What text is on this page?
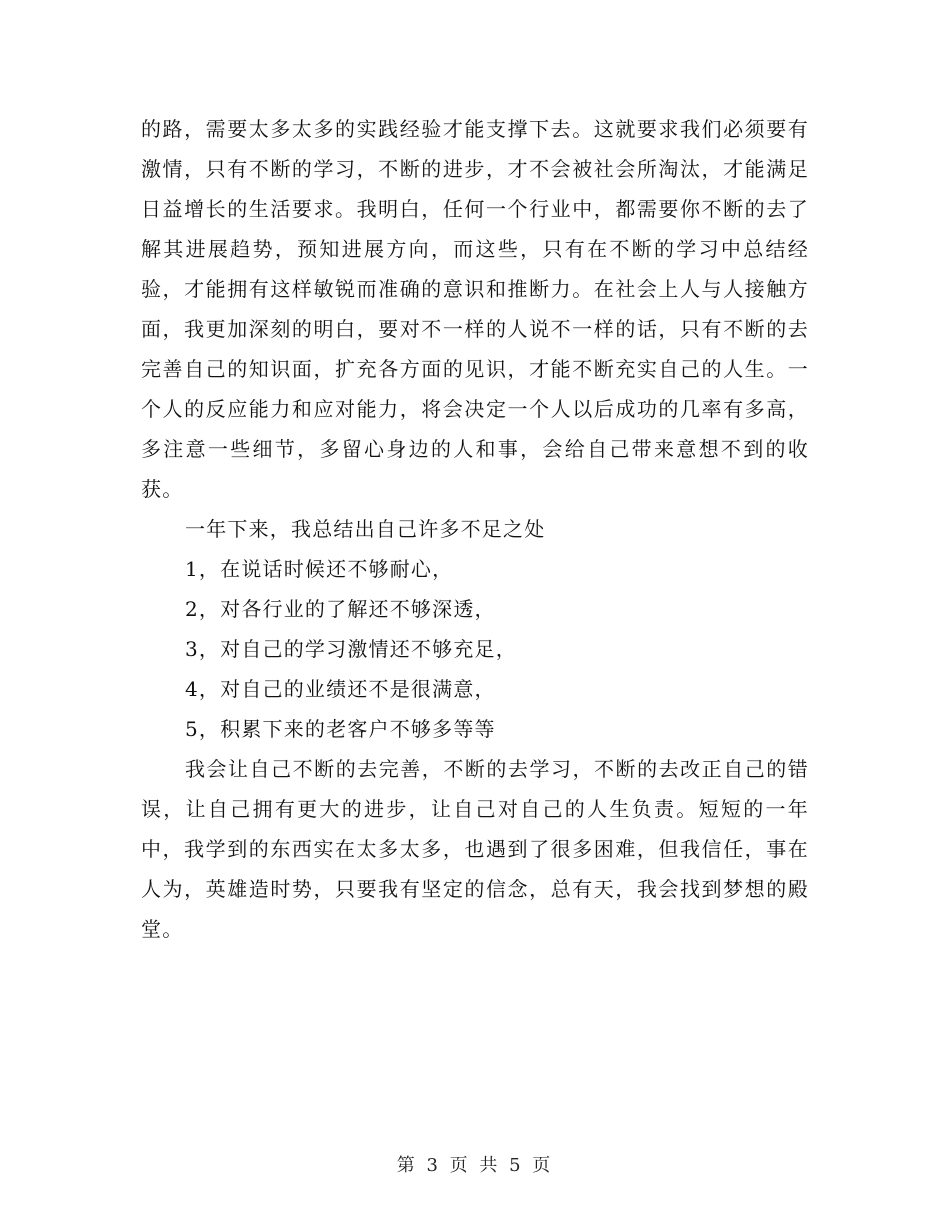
的路，需要太多太多的实践经验才能支撑下去。这就要求我们必须要有激情，只有不断的学习，不断的进步，才不会被社会所淘汰，才能满足日益增长的生活要求。我明白，任何一个行业中，都需要你不断的去了解其进展趋势，预知进展方向，而这些，只有在不断的学习中总结经验，才能拥有这样敏锐而准确的意识和推断力。在社会上人与人接触方面，我更加深刻的明白，要对不一样的人说不一样的话，只有不断的去完善自己的知识面，扩充各方面的见识，才能不断充实自己的人生。一个人的反应能力和应对能力，将会决定一个人以后成功的几率有多高，多注意一些细节，多留心身边的人和事，会给自己带来意想不到的收获。

一年下来，我总结出自己许多不足之处

1，在说话时候还不够耐心，

2，对各行业的了解还不够深透，

3，对自己的学习激情还不够充足，

4，对自己的业绩还不是很满意，

5，积累下来的老客户不够多等等

我会让自己不断的去完善，不断的去学习，不断的去改正自己的错误，让自己拥有更大的进步，让自己对自己的人生负责。短短的一年中，我学到的东西实在太多太多，也遇到了很多困难，但我信任，事在人为，英雄造时势，只要我有坚定的信念，总有天，我会找到梦想的殿堂。

第 3 页 共 5 页
